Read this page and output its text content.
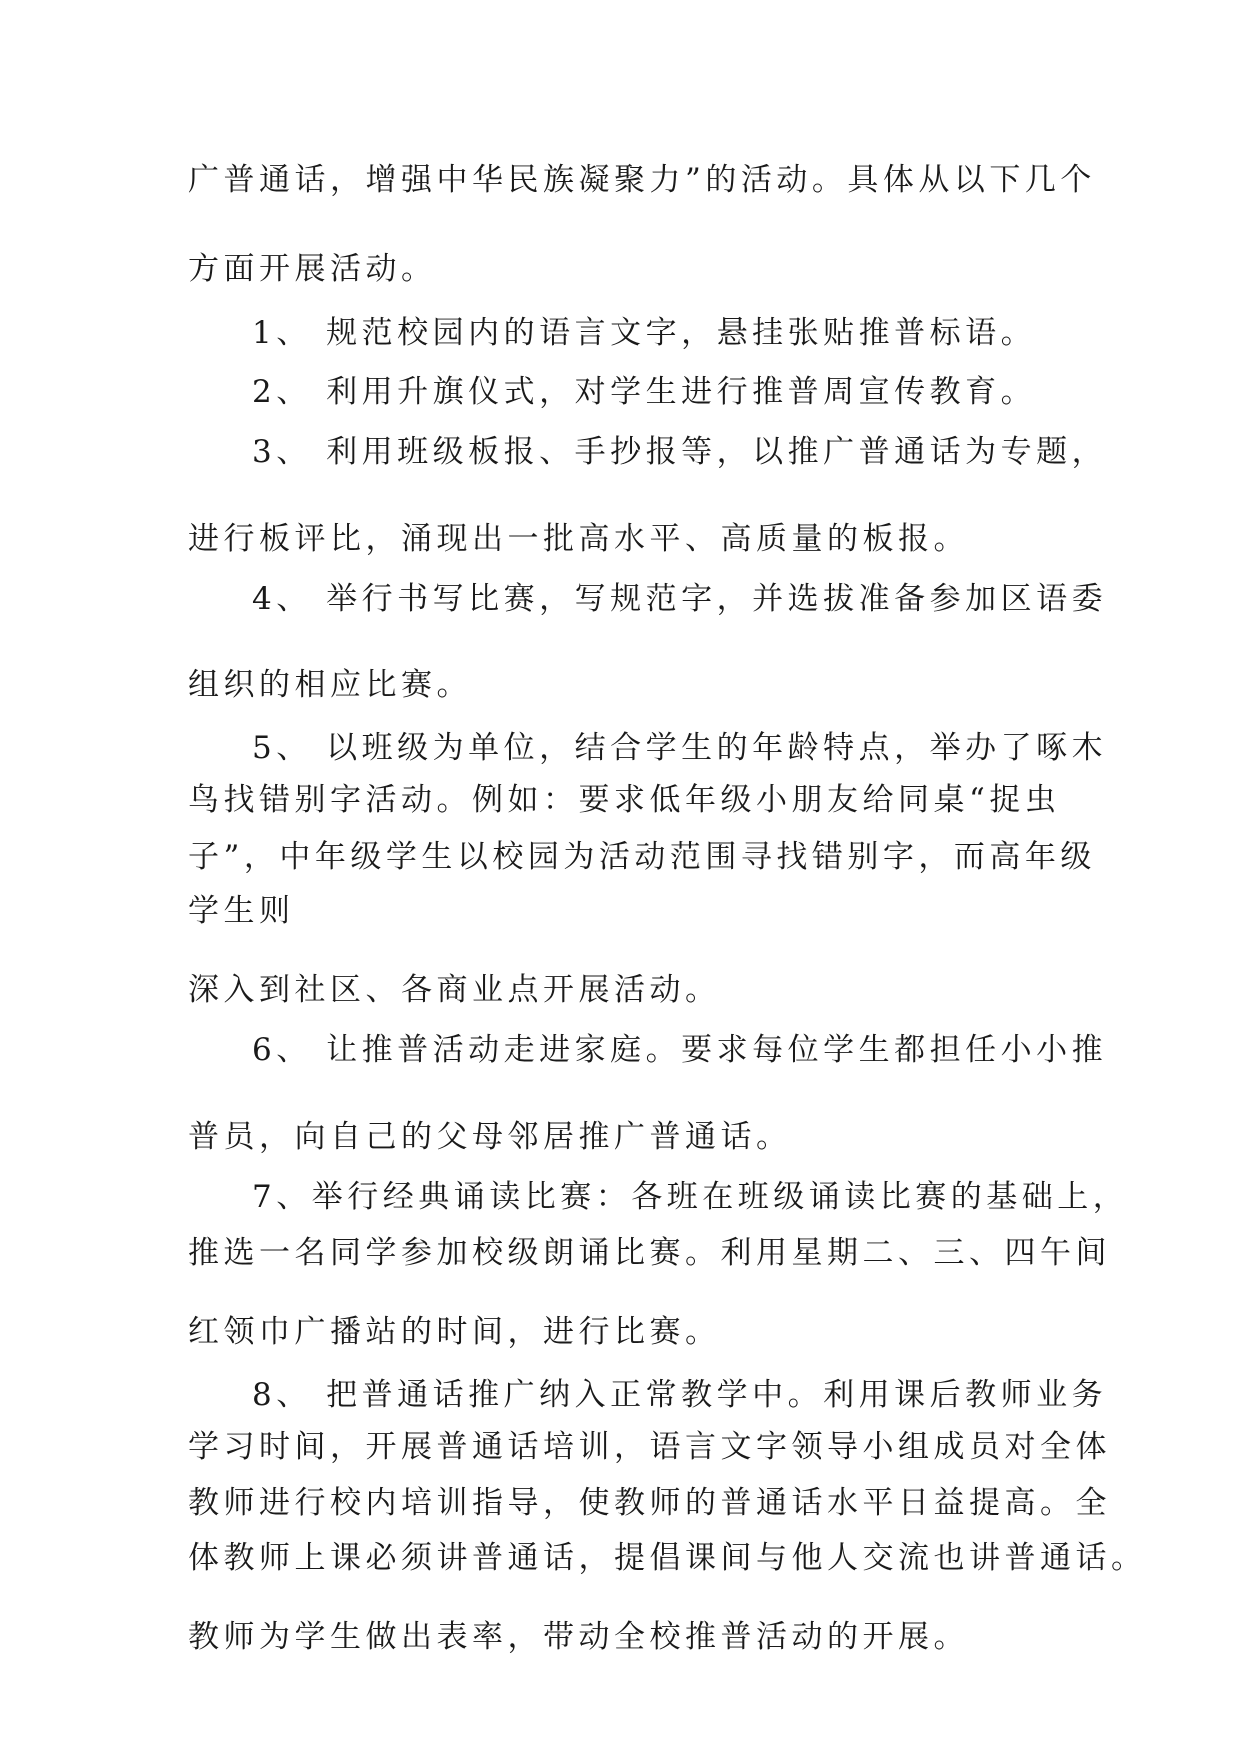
广普通话，增强中华民族凝聚力”的活动。具体从以下几个

方面开展活动。

1、 规范校园内的语言文字，悬挂张贴推普标语。

2、 利用升旗仪式，对学生进行推普周宣传教育。

3、 利用班级板报、手抄报等，以推广普通话为专题，

进行板评比，涌现出一批高水平、高质量的板报。

4、 举行书写比赛，写规范字，并选拔准备参加区语委

组织的相应比赛。

5、 以班级为单位，结合学生的年龄特点，举办了啄木

鸟找错别字活动。例如：要求低年级小朋友给同桌“捉虫

子”，中年级学生以校园为活动范围寻找错别字，而高年级

学生则

深入到社区、各商业点开展活动。

6、 让推普活动走进家庭。要求每位学生都担任小小推

普员，向自己的父母邻居推广普通话。

7、举行经典诵读比赛：各班在班级诵读比赛的基础上，

推选一名同学参加校级朗诵比赛。利用星期二、三、四午间

红领巾广播站的时间，进行比赛。

8、 把普通话推广纳入正常教学中。利用课后教师业务

学习时间，开展普通话培训，语言文字领导小组成员对全体

教师进行校内培训指导，使教师的普通话水平日益提高。全

体教师上课必须讲普通话，提倡课间与他人交流也讲普通话。

教师为学生做出表率，带动全校推普活动的开展。
